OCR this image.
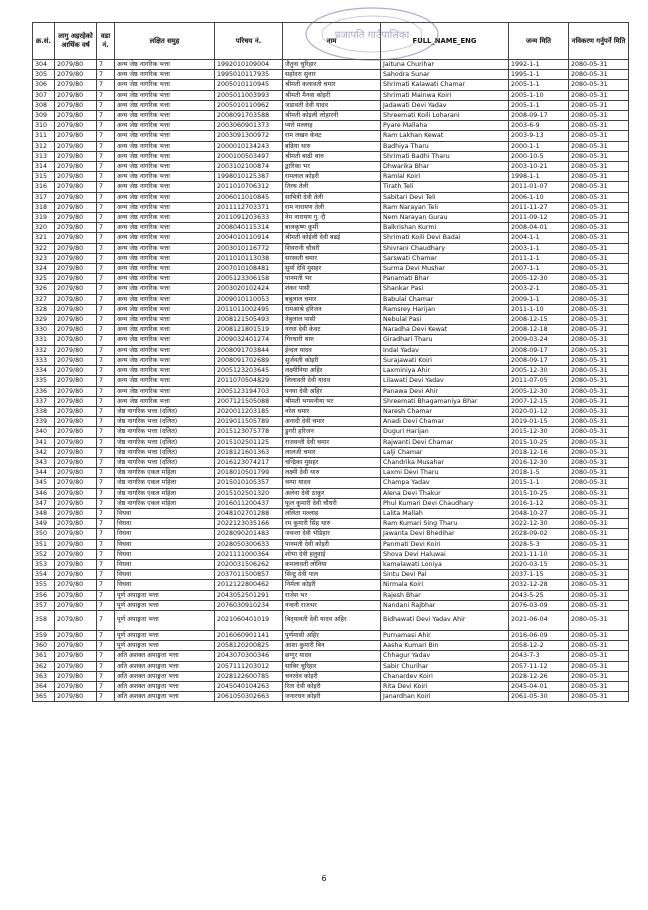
क्र.सं.	लागु अइरहेको आर्थिक वर्ष	वडा नं.	लक्षित समुह	परिचय नं.	नाम	FULL_NAME_ENG	जन्म मिति	नविकरण गर्नुपर्ने मिति
304	2079/80	7	अन्य जेष्ठ नागरिक भत्ता	1992010109004	जैतुना चुरिहार	Jaituna Churihar	1992-1-1	2080-05-31
305	2079/80	7	अन्य जेष्ठ नागरिक भत्ता	1995010117935	सहोदरा सुनार	Sahodra Sunar	1995-1-1	2080-05-31
306	2079/80	7	अन्य जेष्ठ नागरिक भत्ता	2005010110945	श्रीमती कलावती चमार	Shrimati Kalawati Chamar	2005-1-1	2080-05-31
307	2079/80	7	अन्य जेष्ठ नागरिक भत्ता	2005011003993	श्रीमती मैनवा कोइरी	Shrimati Mainwa Koiri	2005-1-10	2080-05-31
308	2079/80	7	अन्य जेष्ठ नागरिक भत्ता	2005010110962	जडावती देवी यादव	Jadawati Devi Yadav	2005-1-1	2080-05-31
309	2079/80	7	अन्य जेष्ठ नागरिक भत्ता	2008091703588	श्रीमती कोइली लोहारनी	Shreemati Koili Loharani	2008-09-17	2080-05-31
310	2079/80	7	अन्य जेष्ठ नागरिक भत्ता	2003060901373	प्यारे मल्लाह	Pyare Mallaha	2003-6-9	2080-05-31
311	2079/80	7	अन्य जेष्ठ नागरिक भत्ता	2003091300972	राम लखन केवट	Ram Lakhan Kewat	2003-9-13	2080-05-31
312	2079/80	7	अन्य जेष्ठ नागरिक भत्ता	2000010134243	बढिया थारु	Badhiya Tharu	2000-1-1	2080-05-31
313	2079/80	7	अन्य जेष्ठ नागरिक भत्ता	2000100503497	श्रीमती बाढी थारु	Shrimati Badhi Tharu	2000-10-5	2080-05-31
314	2079/80	7	अन्य जेष्ठ नागरिक भत्ता	2003102100874	द्वारिका भर	Dhwarika Bhar	2003-10-21	2080-05-31
315	2079/80	7	अन्य जेष्ठ नागरिक भत्ता	1998010125387	रामलाल कोइरी	Ramlal Koiri	1998-1-1	2080-05-31
316	2079/80	7	अन्य जेष्ठ नागरिक भत्ता	2011010706312	तिरथ तेली	Tirath Teli	2011-01-07	2080-05-31
317	2079/80	7	अन्य जेष्ठ नागरिक भत्ता	2006011010845	साबित्री देवी तेली	Sabitari Devi Teli	2006-1-10	2080-05-31
318	2079/80	7	अन्य जेष्ठ नागरिक भत्ता	2011112703371	राम नारायण तेली	Ram Narayan Teli	2011-11-27	2080-05-31
319	2079/80	7	अन्य जेष्ठ नागरिक भत्ता	2011091203633	नेम नारायण गुर्ौ	Nem Narayan Gurau	2011-09-12	2080-05-31
320	2079/80	7	अन्य जेष्ठ नागरिक भत्ता	2008040115314	बालकृष्ण कुर्मी	Balkrishan Kurmi	2008-04-01	2080-05-31
321	2079/80	7	अन्य जेष्ठ नागरिक भत्ता	2004010110914	श्रीमती कोईली देवी बढई	Shrimati Koili Devi Badai	2004-1-1	2080-05-31
322	2079/80	7	अन्य जेष्ठ नागरिक भत्ता	2003010116772	शिवरानी चौधरी	Shivrani Chaudhary	2003-1-1	2080-05-31
323	2079/80	7	अन्य जेष्ठ नागरिक भत्ता	2011010113038	सरस्वती चमार	Sarswati Chamar	2011-1-1	2080-05-31
324	2079/80	7	अन्य जेष्ठ नागरिक भत्ता	2007010108481	सुर्मा देवि मुसहर	Surma Devi Mushar	2007-1-1	2080-05-31
325	2079/80	7	अन्य जेष्ठ नागरिक भत्ता	2005123306158	पानमती भर	Panamati Bhar	2005-12-30	2080-05-31
326	2079/80	7	अन्य जेष्ठ नागरिक भत्ता	2003020102424	शंकर पासी	Shankar Pasi	2003-2-1	2080-05-31
327	2079/80	7	अन्य जेष्ठ नागरिक भत्ता	2009010110053	बबुलाल चमार	Babulal Chamar	2009-1-1	2080-05-31
328	2079/80	7	अन्य जेष्ठ नागरिक भत्ता	2011011002495	रामआश्रे हरिजन	Ramsrey Harijan	2011-1-10	2080-05-31
329	2079/80	7	अन्य जेष्ठ नागरिक भत्ता	2008121505493	नेबुलाल पासी	Nebulal Pasi	2008-12-15	2080-05-31
330	2079/80	7	अन्य जेष्ठ नागरिक भत्ता	2008121801519	नरधा देवी केवट	Naradha Devi Kewat	2008-12-18	2080-05-31
331	2079/80	7	अन्य जेष्ठ नागरिक भत्ता	2009032401274	गिरधारी थारु	Giradhari Tharu	2009-03-24	2080-05-31
332	2079/80	7	अन्य जेष्ठ नागरिक भत्ता	2008091703844	ईन्दल यादव	Indal Yadav	2008-09-17	2080-05-31
333	2079/80	7	अन्य जेष्ठ नागरिक भत्ता	2008091702689	सुर्जवती कोइरी	Surajawati Koiri	2008-09-17	2080-05-31
334	2079/80	7	अन्य जेष्ठ नागरिक भत्ता	2005123203645	लक्ष्मीनिया अहिर	Laxminiya Ahir	2005-12-30	2080-05-31
335	2079/80	7	अन्य जेष्ठ नागरिक भत्ता	2011070504829	लिलावती देवी यादव	Lilawati Devi Yadav	2011-07-05	2080-05-31
336	2079/80	7	अन्य जेष्ठ नागरिक भत्ता	2005123194703	पनवा देवी अहिर	Panawa Devi Ahir	2005-12-30	2080-05-31
337	2079/80	7	अन्य जेष्ठ नागरिक भत्ता	2007121505088	श्रीमती भगमनीया भर	Shreemati Bhagamaniya Bhar	2007-12-15	2080-05-31
338	2079/80	7	जेष्ठ नागरिक भत्ता (दलित)	2020011203185	नरेश चमार	Naresh Chamar	2020-01-12	2080-05-31
339	2079/80	7	जेष्ठ नागरिक भत्ता (दलित)	2019011505789	अनादी देवी चमार	Anadi Devi Chamar	2019-01-15	2080-05-31
340	2079/80	7	जेष्ठ नागरिक भत्ता (दलित)	2015123075778	डुगरी हरिजन	Duguri Harijan	2015-12-30	2080-05-31
341	2079/80	7	जेष्ठ नागरिक भत्ता (दलित)	2015102501125	राजवन्ती देवी चमार	Rajwanti Devi Chamar	2015-10-25	2080-05-31
342	2079/80	7	जेष्ठ नागरिक भत्ता (दलित)	2018121601363	लालजी चमार	Lalji Chamar	2018-12-16	2080-05-31
343	2079/80	7	जेष्ठ नागरिक भत्ता (दलित)	2016123074217	चन्द्रिका मुसहर	Chandrika Musahar	2016-12-30	2080-05-31
344	2079/80	7	जेष्ठ नागरिक एकल महिला	2018010501799	लक्ष्मी देवी थारु	Laxmi Devi Tharu	2018-1-5	2080-05-31
345	2079/80	7	जेष्ठ नागरिक एकल महिला	2015010105357	चम्पा यादव	Champa Yadav	2015-1-1	2080-05-31
346	2079/80	7	जेष्ठ नागरिक एकल महिला	2015102501320	अलेना देवी ठाकुर	Alena Devi Thakur	2015-10-25	2080-05-31
347	2079/80	7	जेष्ठ नागरिक एकल महिला	2016011200437	फूल कुमारी देवी चौधरी	Phul Kumari Devi Chaudhary	2016-1-12	2080-05-31
348	2079/80	7	विधवा	2048102701288	ललिता मल्लाह	Lalita Mallah	2048-10-27	2080-05-31
349	2079/80	7	विधवा	2022123035166	रम कुमारी सिंह थारु	Ram Kumari Sing Tharu	2022-12-30	2080-05-31
350	2079/80	7	विधवा	2028090201483	जवन्ता देवी भेडिहार	Jawanta Devi Bhedihar	2028-09-02	2080-05-31
351	2079/80	7	विधवा	2028050300633	पानमती देवी कोइरी	Panmati Devi Koiri	2028-5-3	2080-05-31
352	2079/80	7	विधवा	2021111000364	शोभा देवी हलुवाई	Shova Devi Haluwai	2021-11-10	2080-05-31
353	2079/80	7	विधवा	2020031506262	कमलावती लोनिया	kamalawati Loniya	2020-03-15	2080-05-31
354	2079/80	7	विधवा	2037011500857	सिन्टु देवी पाल	Sintu Devi Pal	2037-1-15	2080-05-31
355	2079/80	7	विधवा	2012122800462	निर्मला कोइरी	Nirmala Koiri	2032-12-28	2080-05-31
356	2079/80	7	पूर्ण अपाङ्गता भत्ता	2043052501291	राजेश भर	Rajesh Bhar	2043-5-25	2080-05-31
357	2079/80	7	पूर्ण अपाङ्गता भत्ता	2076030910234	नन्दनी राजभर	Nandani Rajbhar	2076-03-09	2080-05-31
358	2079/80	7	पूर्ण अपाङ्गता भत्ता	2021060401019	बिद्‌यावती देवी यादव अहिर	Bidhawati Devi Yadav Ahir	2021-06-04	2080-05-31
359	2079/80	7	पूर्ण अपाङ्गता भत्ता	2016060901141	पुर्णमासी अहिर	Purnamasi Ahir	2016-06-09	2080-05-31
360	2079/80	7	पूर्ण अपाङ्गता भत्ता	2058120200825	आशा कुमारी बिन	Aasha Kumari Bin	2058-12-2	2080-05-31
361	2079/80	7	अति अशक्त अपाङ्गता भत्ता	2043070300346	छग्गुर यादव	Chhagur Yadav	2043-7-3	2080-05-31
362	2079/80	7	अति अशक्त अपाङ्गता भत्ता	2057111203012	साबिर चुरिहार	Sabir Churihar	2057-11-12	2080-05-31
363	2079/80	7	अति अशक्त अपाङ्गता भत्ता	2028122600785	चनरदेव कोइरी	Chanardev Koiri	2028-12-26	2080-05-31
364	2079/80	7	अति अशक्त अपाङ्गता भत्ता	2045040104263	रिता देवी कोइरी	Rita Devi Koiri	2045-04-01	2080-05-31
365	2079/80	7	अति अशक्त अपाङ्गता भत्ता	2061050302663	जनारधन कोइरी	Janardhan Koiri	2061-05-30	2080-05-31
प्रजापति गाउँपालिका
6
